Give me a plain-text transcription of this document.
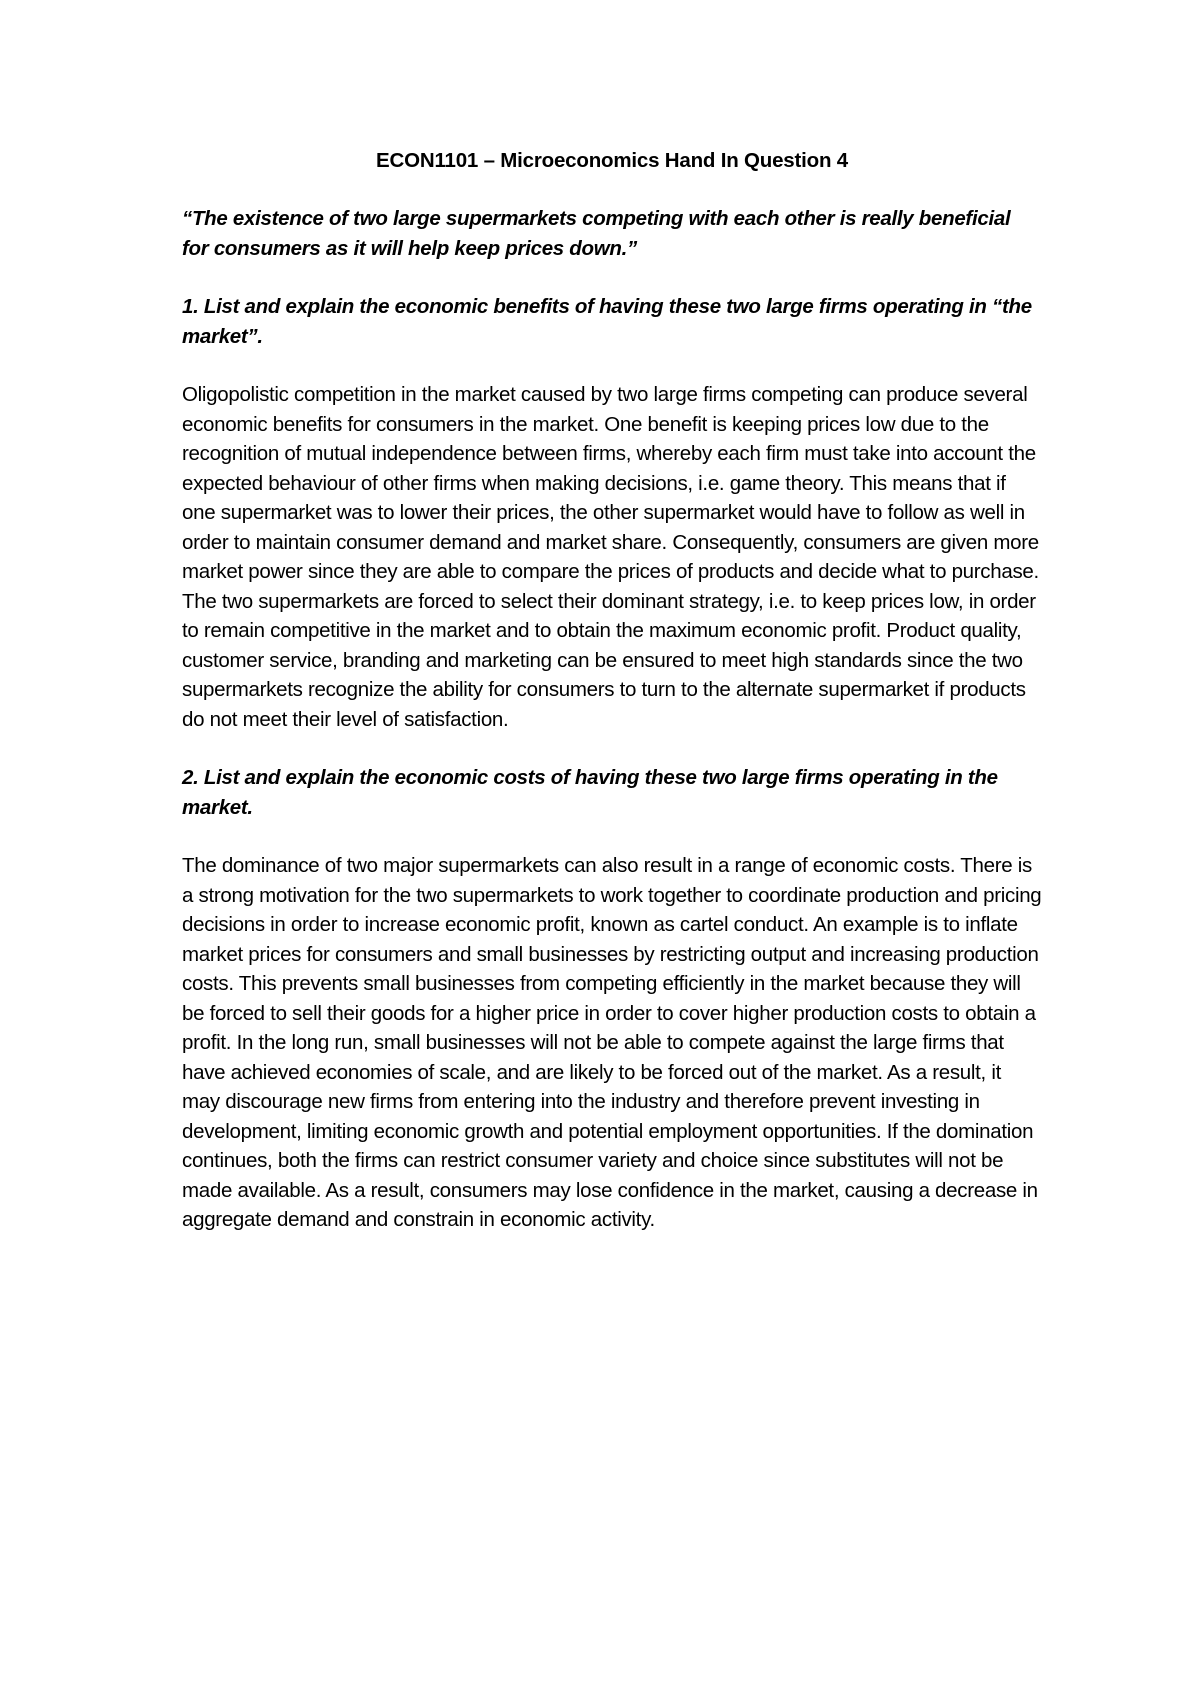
ECON1101 – Microeconomics Hand In Question 4

“The existence of two large supermarkets competing with each other is really beneficial for consumers as it will help keep prices down.”

1. List and explain the economic benefits of having these two large firms operating in “the market”.

Oligopolistic competition in the market caused by two large firms competing can produce several economic benefits for consumers in the market. One benefit is keeping prices low due to the recognition of mutual independence between firms, whereby each firm must take into account the expected behaviour of other firms when making decisions, i.e. game theory. This means that if one supermarket was to lower their prices, the other supermarket would have to follow as well in order to maintain consumer demand and market share. Consequently, consumers are given more market power since they are able to compare the prices of products and decide what to purchase. The two supermarkets are forced to select their dominant strategy, i.e. to keep prices low, in order to remain competitive in the market and to obtain the maximum economic profit. Product quality, customer service, branding and marketing can be ensured to meet high standards since the two supermarkets recognize the ability for consumers to turn to the alternate supermarket if products do not meet their level of satisfaction.

2. List and explain the economic costs of having these two large firms operating in the market.

The dominance of two major supermarkets can also result in a range of economic costs. There is a strong motivation for the two supermarkets to work together to coordinate production and pricing decisions in order to increase economic profit, known as cartel conduct. An example is to inflate market prices for consumers and small businesses by restricting output and increasing production costs. This prevents small businesses from competing efficiently in the market because they will be forced to sell their goods for a higher price in order to cover higher production costs to obtain a profit. In the long run, small businesses will not be able to compete against the large firms that have achieved economies of scale, and are likely to be forced out of the market. As a result, it may discourage new firms from entering into the industry and therefore prevent investing in development, limiting economic growth and potential employment opportunities. If the domination continues, both the firms can restrict consumer variety and choice since substitutes will not be made available. As a result, consumers may lose confidence in the market, causing a decrease in aggregate demand and constrain in economic activity.
